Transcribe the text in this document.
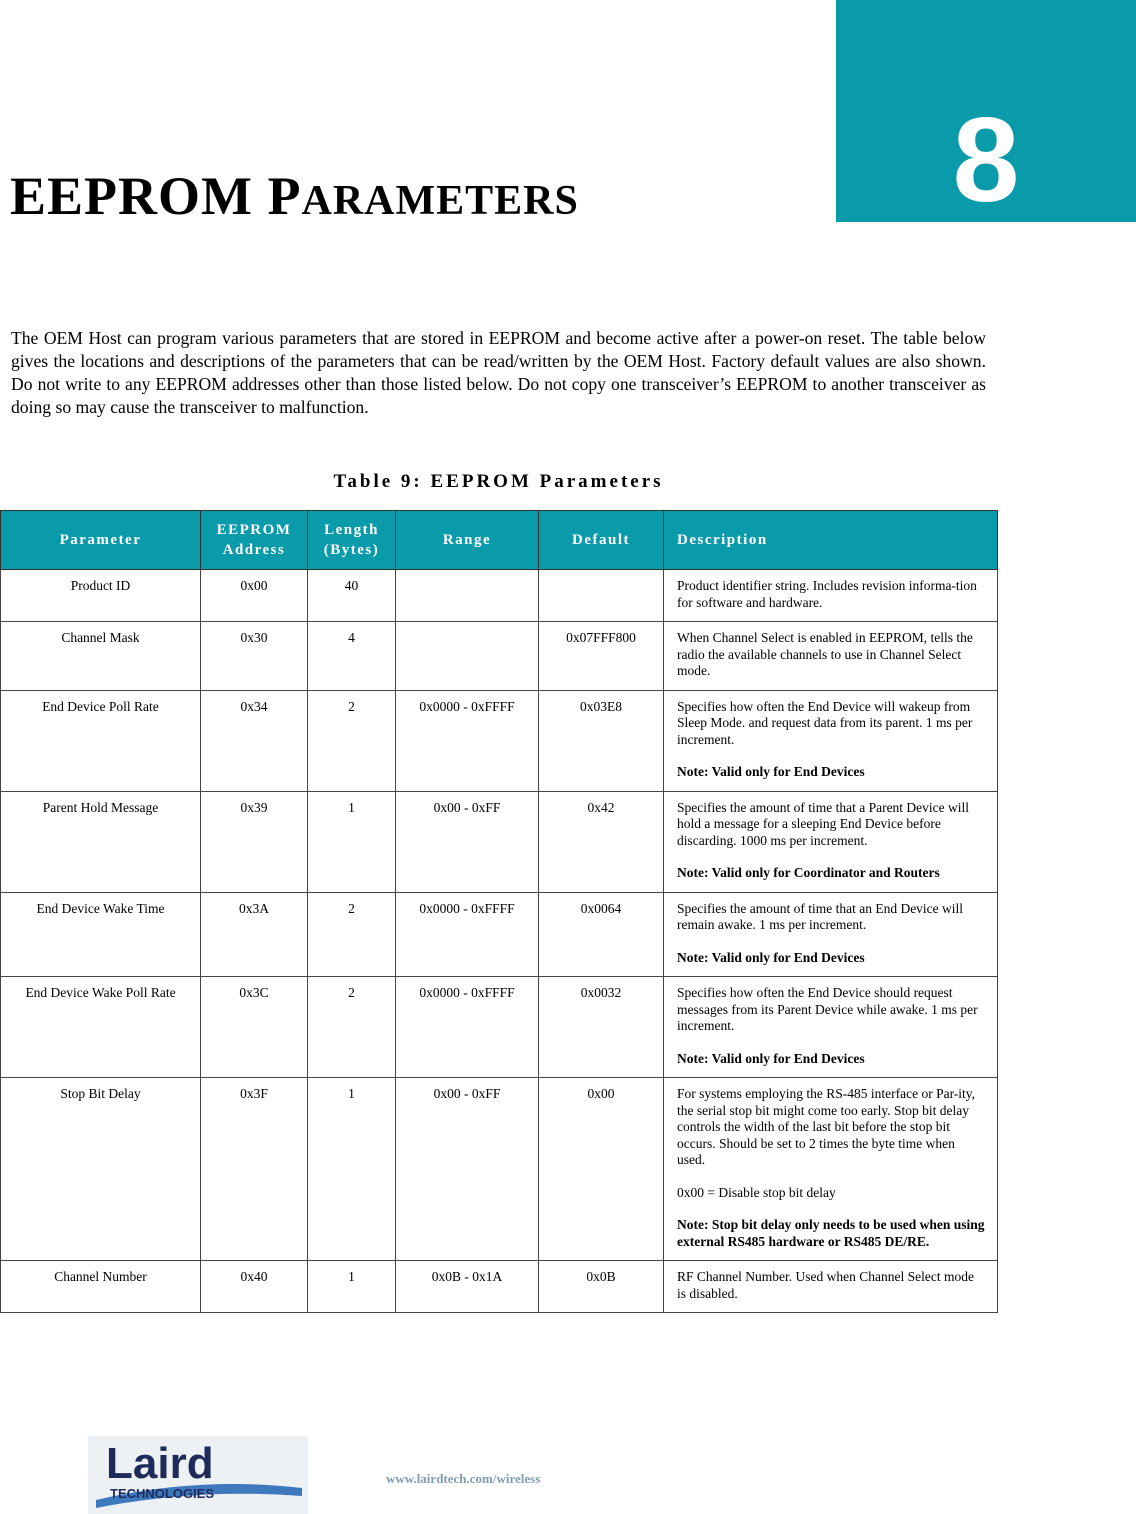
8
EEPROM PARAMETERS

The OEM Host can program various parameters that are stored in EEPROM and become active after a power-on reset. The table below gives the locations and descriptions of the parameters that can be read/written by the OEM Host. Factory default values are also shown. Do not write to any EEPROM addresses other than those listed below. Do not copy one transceiver’s EEPROM to another transceiver as doing so may cause the transceiver to malfunction.

Table 9: EEPROM Parameters
Parameter	EEPROM Address	Length (Bytes)	Range	Default	Description
Product ID	0x00	40			Product identifier string. Includes revision informa-tion for software and hardware.

Channel Mask	0x30	4		0x07FFF800	When Channel Select is enabled in EEPROM, tells the radio the available channels to use in Channel Select mode.

End Device Poll Rate	0x34	2	0x0000 - 0xFFFF	0x03E8	Specifies how often the End Device will wakeup from Sleep Mode. and request data from its parent. 1 ms per increment.

Note: Valid only for End Devices

Parent Hold Message	0x39	1	0x00 - 0xFF	0x42	Specifies the amount of time that a Parent Device will hold a message for a sleeping End Device before discarding. 1000 ms per increment.

Note: Valid only for Coordinator and Routers

End Device Wake Time	0x3A	2	0x0000 - 0xFFFF	0x0064	Specifies the amount of time that an End Device will remain awake. 1 ms per increment.

Note: Valid only for End Devices

End Device Wake Poll Rate	0x3C	2	0x0000 - 0xFFFF	0x0032	Specifies how often the End Device should request messages from its Parent Device while awake. 1 ms per increment.

Note: Valid only for End Devices

Stop Bit Delay	0x3F	1	0x00 - 0xFF	0x00	For systems employing the RS-485 interface or Par-ity, the serial stop bit might come too early. Stop bit delay controls the width of the last bit before the stop bit occurs. Should be set to 2 times the byte time when used.

0x00 = Disable stop bit delay

Note: Stop bit delay only needs to be used when using external RS485 hardware or RS485 DE/RE.

Channel Number	0x40	1	0x0B - 0x1A	0x0B	RF Channel Number. Used when Channel Select mode is disabled.

Laird
TECHNOLOGIES
www.lairdtech.com/wireless
